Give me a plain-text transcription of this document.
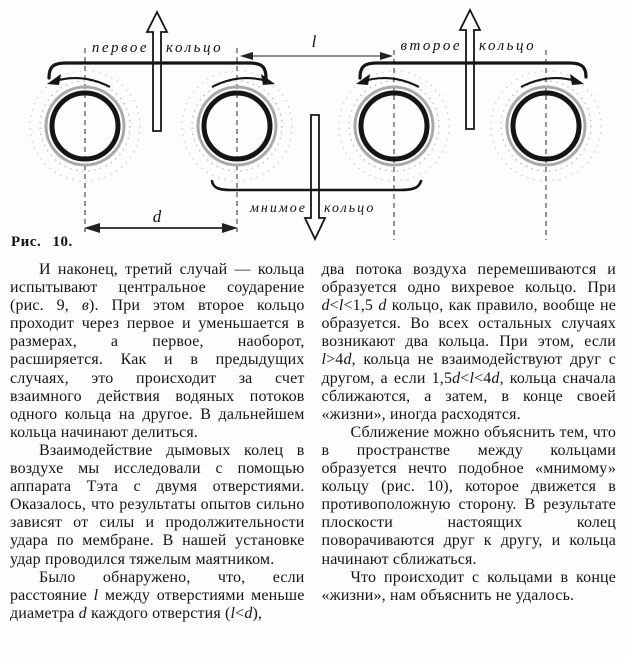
первое кольцо	второе кольцо
мнимое кольцо
l
d
Рис. 10.

И наконец, третий случай — кольца испытывают центральное соударение (рис. 9, в). При этом второе кольцо проходит через первое и уменьшается в размерах, а первое, наоборот, расширяется. Как и в предыдущих случаях, это происходит за счет взаимного действия водяных потоков одного кольца на другое. В дальнейшем кольца начинают делиться.

Взаимодействие дымовых колец в воздухе мы исследовали с помощью аппарата Тэта с двумя отверстиями. Оказалось, что результаты опытов сильно зависят от силы и продолжительности удара по мембране. В нашей установке удар проводился тяжелым маятником.

Было обнаружено, что, если расстояние l между отверстиями меньше диаметра d каждого отверстия (l<d),

два потока воздуха перемешиваются и образуется одно вихревое кольцо. При d<l<1,5 d кольцо, как правило, вообще не образуется. Во всех остальных случаях возникают два кольца. При этом, если l>4d, кольца не взаимодействуют друг с другом, а если 1,5d<l<4d, кольца сначала сближаются, а затем, в конце своей «жизни», иногда расходятся.

Сближение можно объяснить тем, что в пространстве между кольцами образуется нечто подобное «мнимому» кольцу (рис. 10), которое движется в противоположную сторону. В результате плоскости настоящих колец поворачиваются друг к другу, и кольца начинают сближаться.

Что происходит с кольцами в конце «жизни», нам объяснить не удалось.
